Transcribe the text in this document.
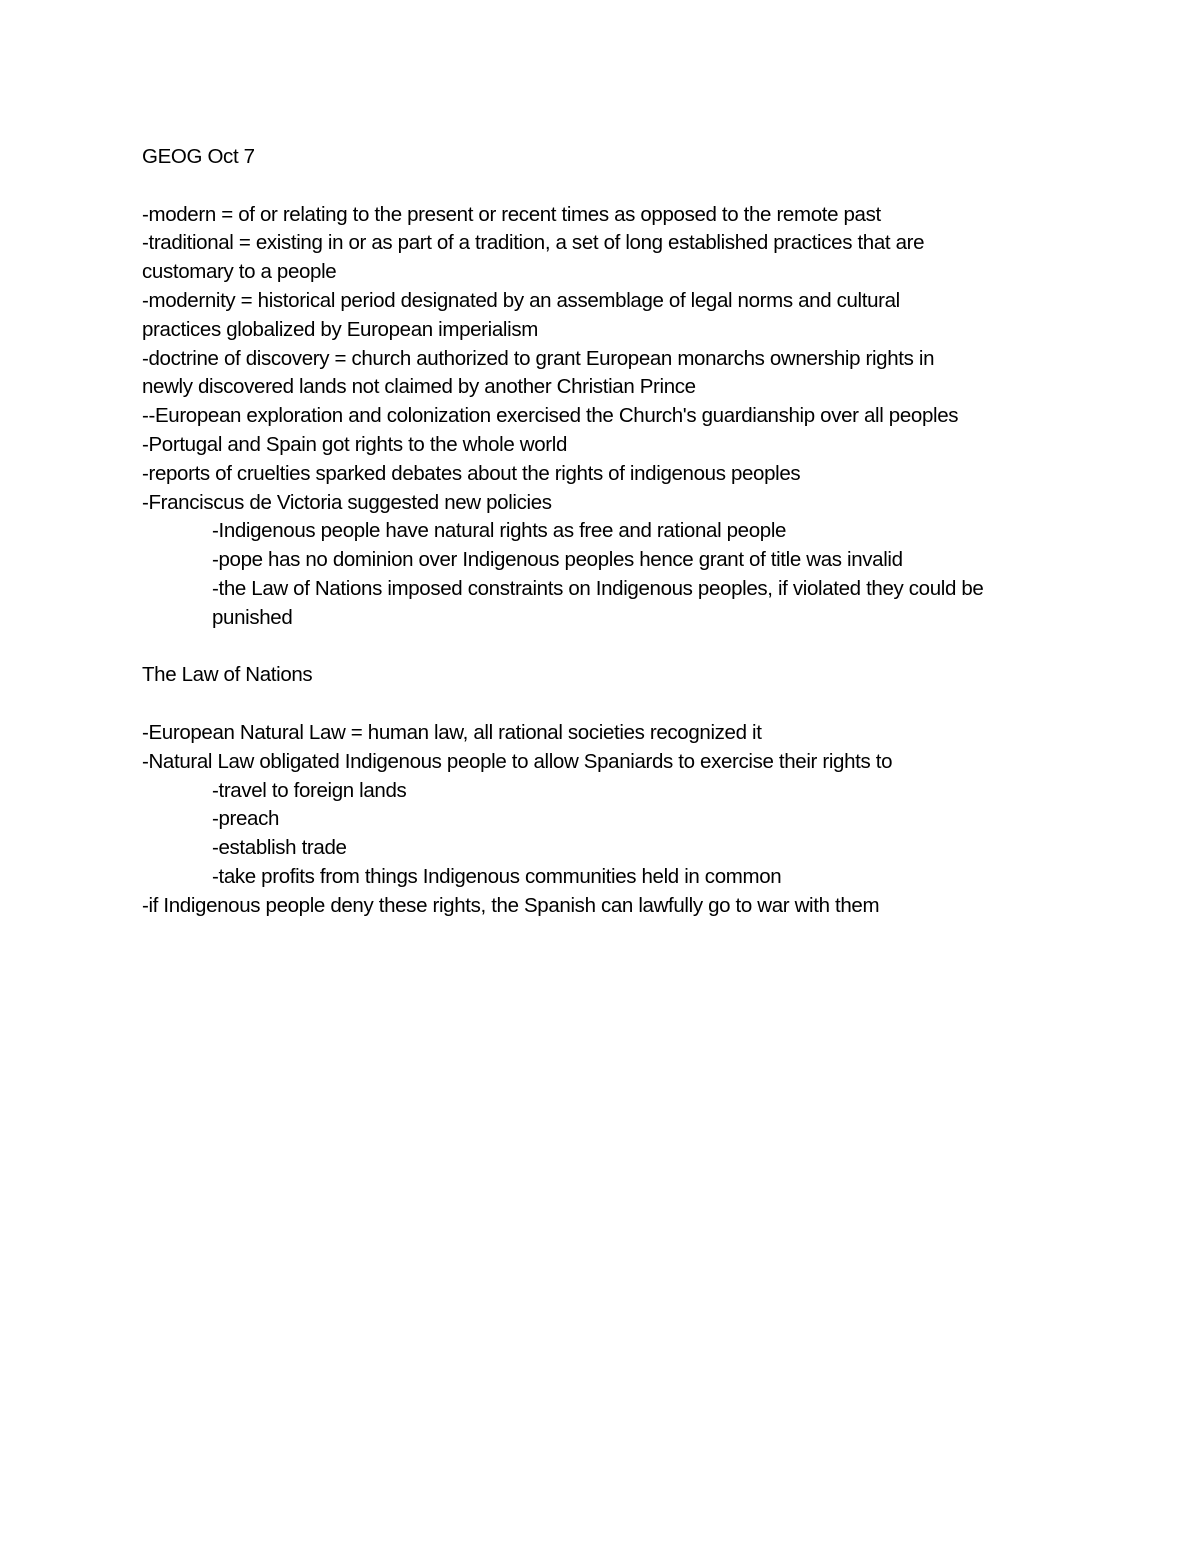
GEOG Oct 7
-modern = of or relating to the present or recent times as opposed to the remote past
-traditional = existing in or as part of a tradition, a set of long established practices that are
customary to a people
-modernity = historical period designated by an assemblage of legal norms and cultural
practices globalized by European imperialism
-doctrine of discovery = church authorized to grant European monarchs ownership rights in
newly discovered lands not claimed by another Christian Prince
--European exploration and colonization exercised the Church's guardianship over all peoples
-Portugal and Spain got rights to the whole world
-reports of cruelties sparked debates about the rights of indigenous peoples
-Franciscus de Victoria suggested new policies
-Indigenous people have natural rights as free and rational people
-pope has no dominion over Indigenous peoples hence grant of title was invalid
-the Law of Nations imposed constraints on Indigenous peoples, if violated they could be
punished
The Law of Nations
-European Natural Law = human law, all rational societies recognized it
-Natural Law obligated Indigenous people to allow Spaniards to exercise their rights to
-travel to foreign lands
-preach
-establish trade
-take profits from things Indigenous communities held in common
-if Indigenous people deny these rights, the Spanish can lawfully go to war with them
